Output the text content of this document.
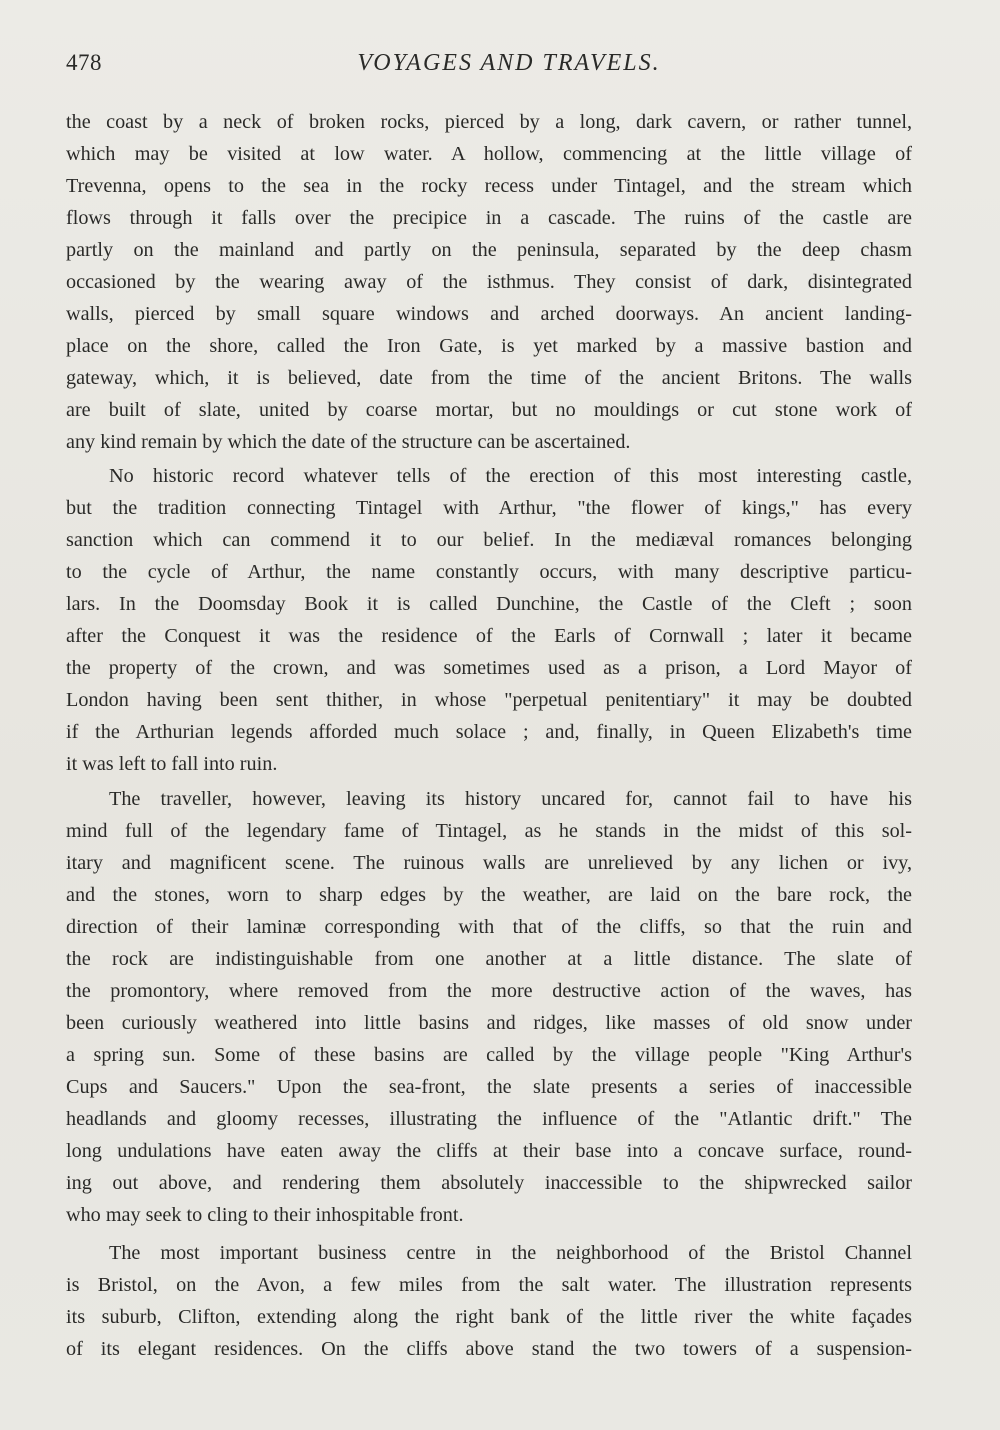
478	VOYAGES AND TRAVELS.

the coast by a neck of broken rocks, pierced by a long, dark cavern, or rather tunnel,
which may be visited at low water. A hollow, commencing at the little village of
Trevenna, opens to the sea in the rocky recess under Tintagel, and the stream which
flows through it falls over the precipice in a cascade. The ruins of the castle are
partly on the mainland and partly on the peninsula, separated by the deep chasm
occasioned by the wearing away of the isthmus. They consist of dark, disintegrated
walls, pierced by small square windows and arched doorways. An ancient landing-
place on the shore, called the Iron Gate, is yet marked by a massive bastion and
gateway, which, it is believed, date from the time of the ancient Britons. The walls
are built of slate, united by coarse mortar, but no mouldings or cut stone work of
any kind remain by which the date of the structure can be ascertained.

No historic record whatever tells of the erection of this most interesting castle,
but the tradition connecting Tintagel with Arthur, "the flower of kings," has every
sanction which can commend it to our belief. In the mediæval romances belonging
to the cycle of Arthur, the name constantly occurs, with many descriptive particu-
lars. In the Doomsday Book it is called Dunchine, the Castle of the Cleft ; soon
after the Conquest it was the residence of the Earls of Cornwall ; later it became
the property of the crown, and was sometimes used as a prison, a Lord Mayor of
London having been sent thither, in whose "perpetual penitentiary" it may be doubted
if the Arthurian legends afforded much solace ; and, finally, in Queen Elizabeth's time
it was left to fall into ruin.

The traveller, however, leaving its history uncared for, cannot fail to have his
mind full of the legendary fame of Tintagel, as he stands in the midst of this sol-
itary and magnificent scene. The ruinous walls are unrelieved by any lichen or ivy,
and the stones, worn to sharp edges by the weather, are laid on the bare rock, the
direction of their laminæ corresponding with that of the cliffs, so that the ruin and
the rock are indistinguishable from one another at a little distance. The slate of
the promontory, where removed from the more destructive action of the waves, has
been curiously weathered into little basins and ridges, like masses of old snow under
a spring sun. Some of these basins are called by the village people "King Arthur's
Cups and Saucers." Upon the sea-front, the slate presents a series of inaccessible
headlands and gloomy recesses, illustrating the influence of the "Atlantic drift." The
long undulations have eaten away the cliffs at their base into a concave surface, round-
ing out above, and rendering them absolutely inaccessible to the shipwrecked sailor
who may seek to cling to their inhospitable front.

The most important business centre in the neighborhood of the Bristol Channel
is Bristol, on the Avon, a few miles from the salt water. The illustration represents
its suburb, Clifton, extending along the right bank of the little river the white façades
of its elegant residences. On the cliffs above stand the two towers of a suspension-
